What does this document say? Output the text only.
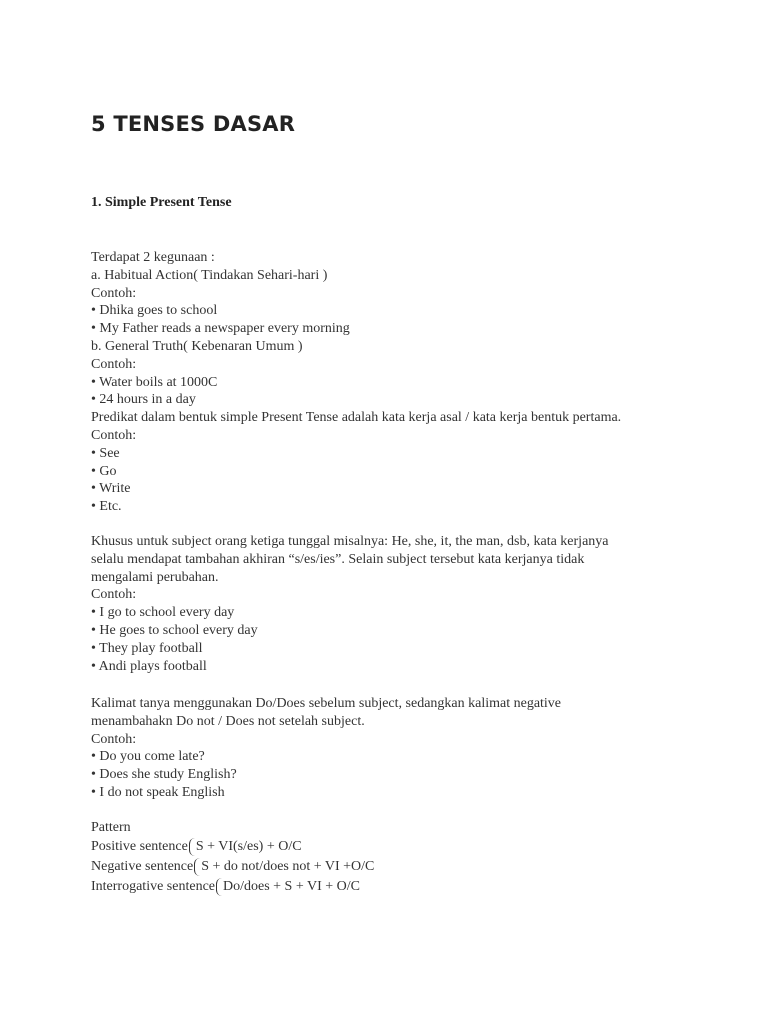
5 TENSES DASAR
1. Simple Present Tense
Terdapat 2 kegunaan :
a. Habitual Action( Tindakan Sehari-hari )
Contoh:
• Dhika goes to school
• My Father reads a newspaper every morning
b. General Truth( Kebenaran Umum )
Contoh:
• Water boils at 1000C
• 24 hours in a day
Predikat dalam bentuk simple Present Tense adalah kata kerja asal / kata kerja bentuk pertama.
Contoh:
• See
• Go
• Write
• Etc.
Khusus untuk subject orang ketiga tunggal misalnya: He, she, it, the man, dsb, kata kerjanya
selalu mendapat tambahan akhiran “s/es/ies”. Selain subject tersebut kata kerjanya tidak
mengalami perubahan.
Contoh:
• I go to school every day
• He goes to school every day
• They play football
• Andi plays football
Kalimat tanya menggunakan Do/Does sebelum subject, sedangkan kalimat negative
menambahakn Do not / Does not setelah subject.
Contoh:
• Do you come late?
• Does she study English?
• I do not speak English
Pattern
Positive sentence S + VI(s/es) + O/C
Negative sentence S + do not/does not + VI +O/C
Interrogative sentence Do/does + S + VI + O/C
